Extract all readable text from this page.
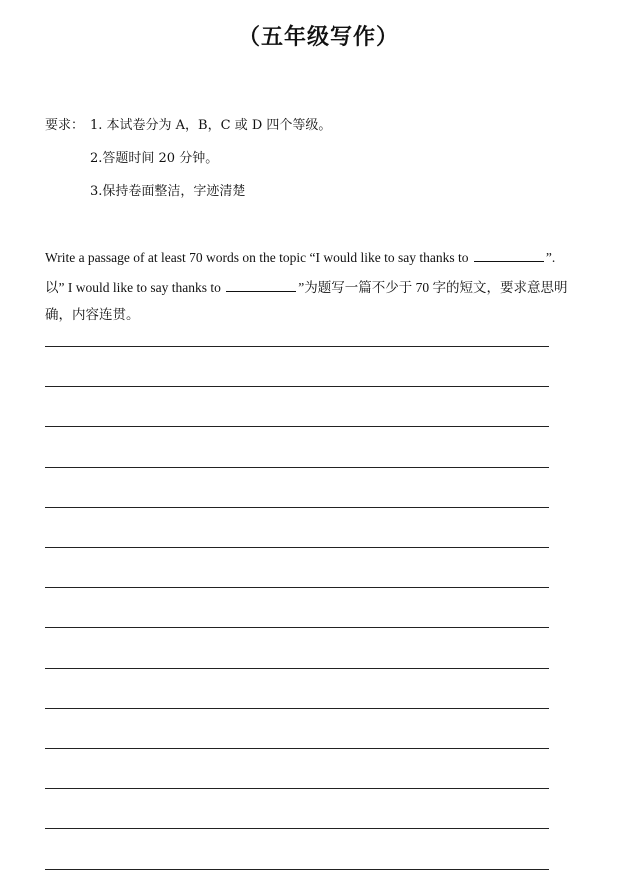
（五年级写作）
要求： 1. 本试卷分为 A，B，C 或 D 四个等级。
2.答题时间 20 分钟。
3.保持卷面整洁，字迹清楚
Write a passage of at least 70 words on the topic “I would like to say thanks to	”.
以” I would like to say thanks to	”为题写一篇不少于 70 字的短文，要求意思明
确，内容连贯。
